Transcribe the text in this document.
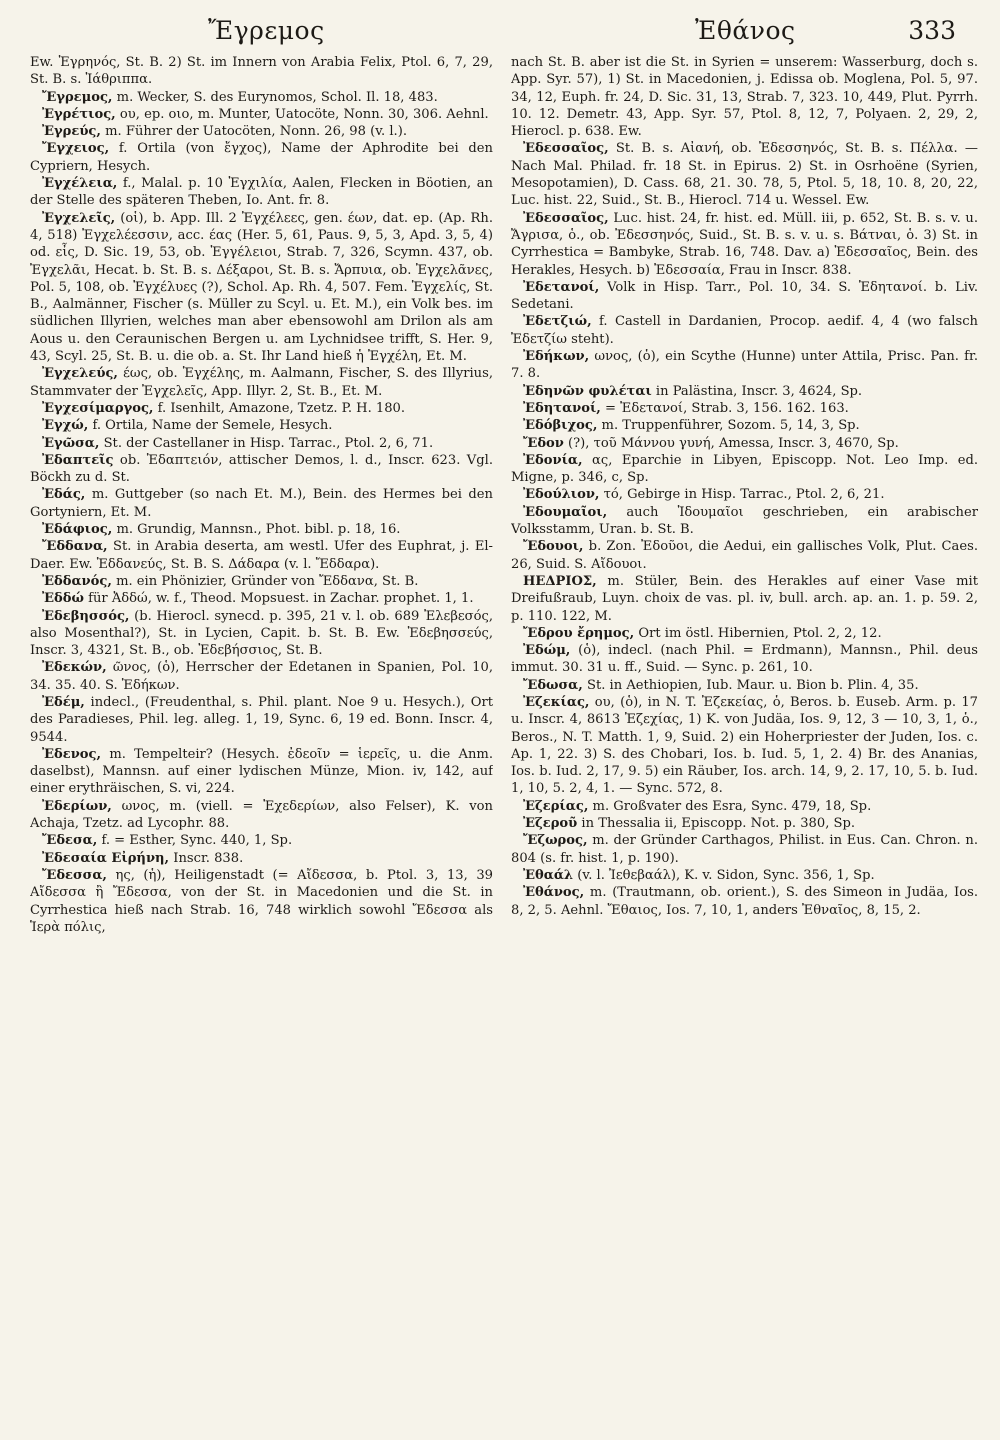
Ἔγρεμος	Ἐθάνος	333

Ew. Ἐγρηνός, St. B. 2) St. im Innern von Arabia Felix, Ptol. 6, 7, 29, St. B. s. Ἰάθριππα.

Ἔγρεμος, m. Wecker, S. des Eurynomos, Schol. Il. 18, 483.

Ἐγρέτιος, ου, ep. οιο, m. Munter, Uatocöte, Nonn. 30, 306. Aehnl.

Ἐγρεύς, m. Führer der Uatocöten, Nonn. 26, 98 (v. l.).

Ἔγχειος, f. Ortila (von ἔγχος), Name der Aphrodite bei den Cypriern, Hesych.

Ἐγχέλεια, f., Malal. p. 10 Ἐγχιλία, Aalen, Flecken in Böotien, an der Stelle des späteren Theben, Io. Ant. fr. 8.

Ἐγχελεῖς, (οἱ), b. App. Ill. 2 Ἐγχέλεες, gen. έων, dat. ep. (Ap. Rh. 4, 518) Ἐγχελέεσσιν, acc. έας (Her. 5, 61, Paus. 9, 5, 3, Apd. 3, 5, 4) od. εἶς, D. Sic. 19, 53, ob. Ἐγγέλειοι, Strab. 7, 326, Scymn. 437, ob. Ἐγχελᾶι, Hecat. b. St. B. s. Δέξαροι, St. B. s. Ἄρπυια, ob. Ἐγχελᾶνες, Pol. 5, 108, ob. Ἐγχέλυες (?), Schol. Ap. Rh. 4, 507. Fem. Ἐγχελίς, St. B., Aalmänner, Fischer (s. Müller zu Scyl. u. Et. M.), ein Volk bes. im südlichen Illyrien, welches man aber ebensowohl am Drilon als am Aous u. den Ceraunischen Bergen u. am Lychnidsee trifft, S. Her. 9, 43, Scyl. 25, St. B. u. die ob. a. St. Ihr Land hieß ἡ Ἐγχέλη, Et. M.

Ἐγχελεύς, έως, ob. Ἐγχέλης, m. Aalmann, Fischer, S. des Illyrius, Stammvater der Ἐγχελεῖς, App. Illyr. 2, St. B., Et. M.

Ἐγχεσίμαργος, f. Isenhilt, Amazone, Tzetz. P. H. 180.

Ἐγχώ, f. Ortila, Name der Semele, Hesych.

Ἐγῶσα, St. der Castellaner in Hisp. Tarrac., Ptol. 2, 6, 71.

Ἐδαπτεῖς ob. Ἐδαπτειόν, attischer Demos, l. d., Inscr. 623. Vgl. Böckh zu d. St.

Ἐδάς, m. Guttgeber (so nach Et. M.), Bein. des Hermes bei den Gortyniern, Et. M.

Ἐδάφιος, m. Grundig, Mannsn., Phot. bibl. p. 18, 16.

Ἔδδανα, St. in Arabia deserta, am westl. Ufer des Euphrat, j. El-Daer. Ew. Ἐδδανεύς, St. B. S. Δάδαρα (v. l. Ἔδδαρα).

Ἐδδανός, m. ein Phönizier, Gründer von Ἔδδανα, St. B.

Ἐδδώ für Ἀδδώ, w. f., Theod. Mopsuest. in Zachar. prophet. 1, 1.

Ἐδεβησσός, (b. Hierocl. synecd. p. 395, 21 v. l. ob. 689 Ἐλεβεσός, also Mosenthal?), St. in Lycien, Capit. b. St. B. Ew. Ἐδεβησσεύς, Inscr. 3, 4321, St. B., ob. Ἐδεβήσσιος, St. B.

Ἐδεκών, ῶνος, (ὁ), Herrscher der Edetanen in Spanien, Pol. 10, 34. 35. 40. S. Ἐδήκων.

Ἐδέμ, indecl., (Freudenthal, s. Phil. plant. Noe 9 u. Hesych.), Ort des Paradieses, Phil. leg. alleg. 1, 19, Sync. 6, 19 ed. Bonn. Inscr. 4, 9544.

Ἐδενος, m. Tempelteir? (Hesych. ἐδεοῖν = ἱερεῖς, u. die Anm. daselbst), Mannsn. auf einer lydischen Münze, Mion. iv, 142, auf einer erythräischen, S. vi, 224.

Ἐδερίων, ωνος, m. (viell. = Ἐχεδερίων, also Felser), K. von Achaja, Tzetz. ad Lycophr. 88.

Ἔδεσα, f. = Esther, Sync. 440, 1, Sp.

Ἐδεσαία Εἰρήνη, Inscr. 838.

Ἔδεσσα, ης, (ἡ), Heiligenstadt (= Αἴδεσσα, b. Ptol. 3, 13, 39 Αἴδεσσα ἢ Ἔδεσσα, von der St. in Macedonien und die St. in Cyrrhestica hieß nach Strab. 16, 748 wirklich sowohl Ἔδεσσα als Ἱερὰ πόλις,

nach St. B. aber ist die St. in Syrien = unserem: Wasserburg, doch s. App. Syr. 57), 1) St. in Macedonien, j. Edissa ob. Moglena, Pol. 5, 97. 34, 12, Euph. fr. 24, D. Sic. 31, 13, Strab. 7, 323. 10, 449, Plut. Pyrrh. 10. 12. Demetr. 43, App. Syr. 57, Ptol. 8, 12, 7, Polyaen. 2, 29, 2, Hierocl. p. 638. Ew.

Ἐδεσσαῖος, St. B. s. Αἰανή, ob. Ἐδεσσηνός, St. B. s. Πέλλα. — Nach Mal. Philad. fr. 18 St. in Epirus. 2) St. in Osrhoëne (Syrien, Mesopotamien), D. Cass. 68, 21. 30. 78, 5, Ptol. 5, 18, 10. 8, 20, 22, Luc. hist. 22, Suid., St. B., Hierocl. 714 u. Wessel. Ew.

Ἐδεσσαῖος, Luc. hist. 24, fr. hist. ed. Müll. iii, p. 652, St. B. s. v. u. Ἄγρισα, ὁ., ob. Ἐδεσσηνός, Suid., St. B. s. v. u. s. Βάτναι, ὁ. 3) St. in Cyrrhestica = Bambyke, Strab. 16, 748. Dav. a) Ἐδεσσαῖος, Bein. des Herakles, Hesych. b) Ἐδεσσαία, Frau in Inscr. 838.

Ἐδετανοί, Volk in Hisp. Tarr., Pol. 10, 34. S. Ἐδητανοί. b. Liv. Sedetani.

Ἐδετζιώ, f. Castell in Dardanien, Procop. aedif. 4, 4 (wo falsch Ἐδετζίω steht).

Ἐδήκων, ωνος, (ὁ), ein Scythe (Hunne) unter Attila, Prisc. Pan. fr. 7. 8.

Ἐδηνῶν φυλέται in Palästina, Inscr. 3, 4624, Sp.

Ἐδητανοί, = Ἐδετανοί, Strab. 3, 156. 162. 163.

Ἐδόβιχος, m. Truppenführer, Sozom. 5, 14, 3, Sp.

Ἔδον (?), τοῦ Μάννου γυνή, Amessa, Inscr. 3, 4670, Sp.

Ἐδονία, ας, Eparchie in Libyen, Episcopp. Not. Leo Imp. ed. Migne, p. 346, c, Sp.

Ἐδούλιον, τό, Gebirge in Hisp. Tarrac., Ptol. 2, 6, 21.

Ἐδουμαῖοι, auch Ἰδουμαῖοι geschrieben, ein arabischer Volksstamm, Uran. b. St. B.

Ἔδουοι, b. Zon. Ἐδοῦοι, die Aedui, ein gallisches Volk, Plut. Caes. 26, Suid. S. Αἴδουοι.

ΗΕΔΡΙΟΣ, m. Stüler, Bein. des Herakles auf einer Vase mit Dreifußraub, Luyn. choix de vas. pl. iv, bull. arch. ap. an. 1. p. 59. 2, p. 110. 122, M.

Ἔδρου ἔρημος, Ort im östl. Hibernien, Ptol. 2, 2, 12.

Ἐδώμ, (ὁ), indecl. (nach Phil. = Erdmann), Mannsn., Phil. deus immut. 30. 31 u. ff., Suid. — Sync. p. 261, 10.

Ἔδωσα, St. in Aethiopien, Iub. Maur. u. Bion b. Plin. 4, 35.

Ἐζεκίας, ου, (ὁ), in N. T. Ἐζεκείας, ὁ, Beros. b. Euseb. Arm. p. 17 u. Inscr. 4, 8613 Ἐζεχίας, 1) K. von Judäa, Ios. 9, 12, 3 — 10, 3, 1, ὁ., Beros., N. T. Matth. 1, 9, Suid. 2) ein Hoherpriester der Juden, Ios. c. Ap. 1, 22. 3) S. des Chobari, Ios. b. Iud. 5, 1, 2. 4) Br. des Ananias, Ios. b. Iud. 2, 17, 9. 5) ein Räuber, Ios. arch. 14, 9, 2. 17, 10, 5. b. Iud. 1, 10, 5. 2, 4, 1. — Sync. 572, 8.

Ἐζερίας, m. Großvater des Esra, Sync. 479, 18, Sp.

Ἐζεροῦ in Thessalia ii, Episcopp. Not. p. 380, Sp.

Ἔζωρος, m. der Gründer Carthagos, Philist. in Eus. Can. Chron. n. 804 (s. fr. hist. 1, p. 190).

Ἐθαάλ (v. l. Ἰεθεβαάλ), K. v. Sidon, Sync. 356, 1, Sp.

Ἐθάνος, m. (Trautmann, ob. orient.), S. des Simeon in Judäa, Ios. 8, 2, 5. Aehnl. Ἔθαιος, Ios. 7, 10, 1, anders Ἐθναῖος, 8, 15, 2.
